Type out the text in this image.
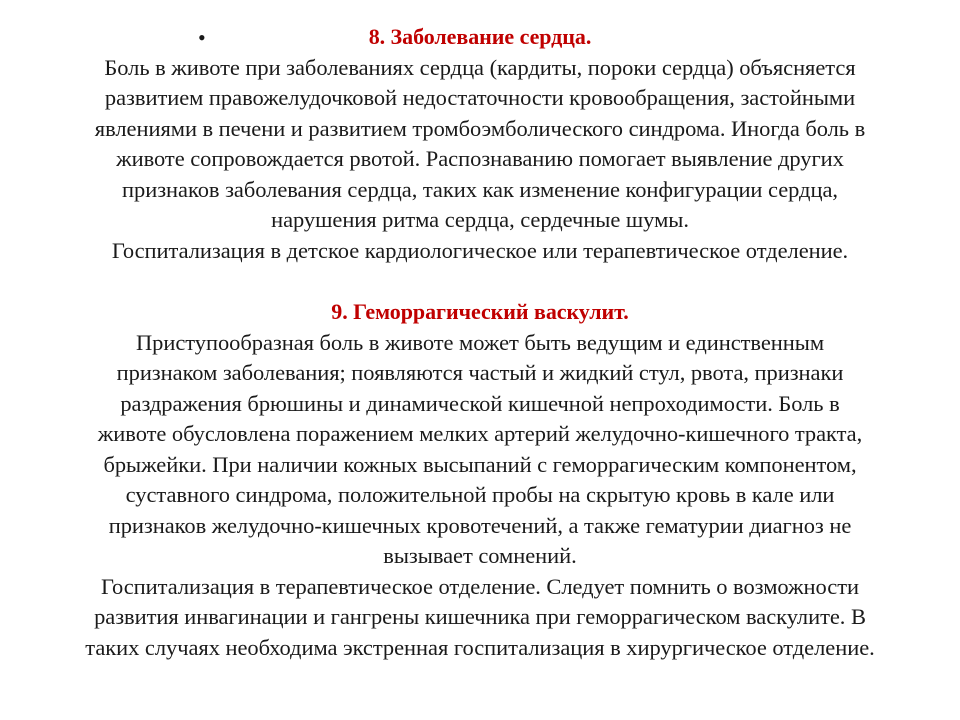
•	8. Заболевание сердца.

Боль в животе при заболеваниях сердца (кардиты, пороки сердца) объясняется

развитием правожелудочковой недостаточности кровообращения, застойными

явлениями в печени и развитием тромбоэмболического синдрома. Иногда боль в

животе сопровождается рвотой. Распознаванию помогает выявление других

признаков заболевания сердца, таких как изменение конфигурации сердца,

нарушения ритма сердца, сердечные шумы.

Госпитализация в детское кардиологическое или терапевтическое отделение.

9. Геморрагический васкулит.

Приступообразная боль в животе может быть ведущим и единственным

признаком заболевания; появляются частый и жидкий стул, рвота, признаки

раздражения брюшины и динамической кишечной непроходимости. Боль в

животе обусловлена поражением мелких артерий желудочно-кишечного тракта,

брыжейки. При наличии кожных высыпаний с геморрагическим компонентом,

суставного синдрома, положительной пробы на скрытую кровь в кале или

признаков желудочно-кишечных кровотечений, а также гематурии диагноз не

вызывает сомнений.

Госпитализация в терапевтическое отделение. Следует помнить о возможности

развития инвагинации и гангрены кишечника при геморрагическом васкулите. В

таких случаях необходима экстренная госпитализация в хирургическое отделение.
